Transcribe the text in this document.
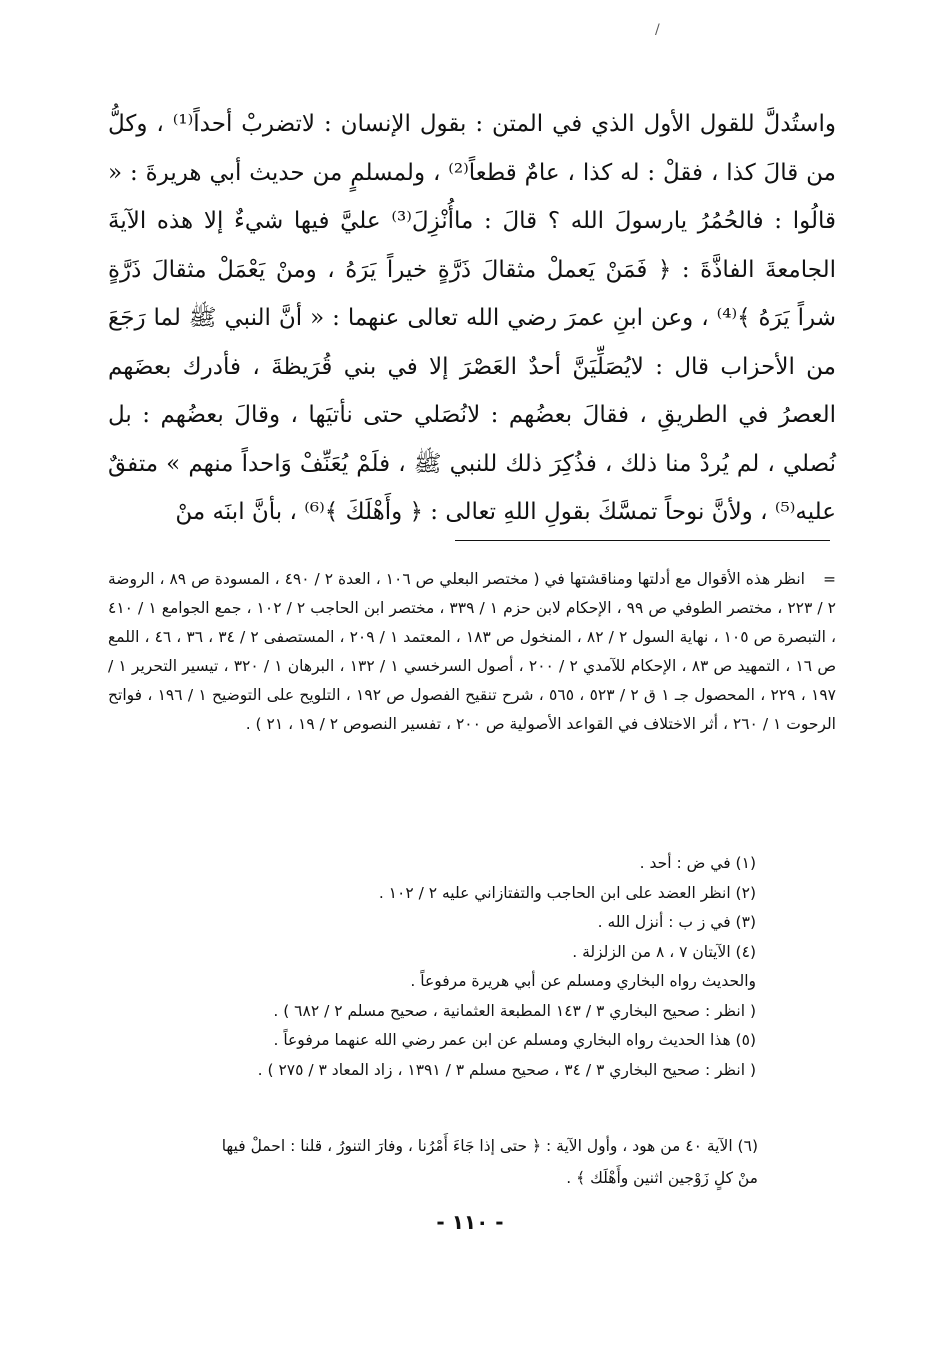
/

واستُدلَّ للقول الأول الذي في المتن : بقول الإنسان : لاتضربْ أحداً⁽¹⁾ ، وكلُّ من قالَ كذا ، فقلْ : له كذا ، عامٌ قطعاً⁽²⁾ ، ولمسلمٍ من حديث أبي هريرةَ : « قالُوا : فالحُمُرُ يارسولَ الله ؟ قالَ : ماأُنْزِلَ⁽³⁾ عليَّ فيها شيءٌ إلا هذه الآيةَ الجامعةَ الفاذَّةَ : ﴿ فَمَنْ يَعملْ مثقالَ ذَرَّةٍ خيراً يَرَهُ ، ومنْ يَعْمَلْ مثقالَ ذَرَّةٍ شراً يَرَهُ ﴾⁽⁴⁾ ، وعن ابنِ عمرَ رضي الله تعالى عنهما : « أنَّ النبي ﷺ لما رَجَعَ من الأحزاب قال : لايُصَلِّيَنَّ أحدٌ العَصْرَ إلا في بني قُرَيظةَ ، فأدرك بعضَهم العصرُ في الطريقِ ، فقالَ بعضُهم : لانُصَلي حتى نأتيَها ، وقالَ بعضُهم : بل نُصلي ، لم يُردْ منا ذلك ، فذُكِرَ ذلك للنبي ﷺ ، فلَمْ يُعَنِّفْ وَاحداً منهم » متفقٌ عليه⁽⁵⁾ ، ولأنَّ نوحاً تمسَّكَ بقولِ اللهِ تعالى : ﴿ وأَهْلَكَ ﴾⁽⁶⁾ ، بأنَّ ابنَه منْ

=
انظر هذه الأقوال مع أدلتها ومناقشتها في ( مختصر البعلي ص ١٠٦ ، العدة ٢ / ٤٩٠ ، المسودة ص ٨٩ ، الروضة ٢ / ٢٢٣ ، مختصر الطوفي ص ٩٩ ، الإحكام لابن حزم ١ / ٣٣٩ ، مختصر ابن الحاجب ٢ / ١٠٢ ، جمع الجوامع ١ / ٤١٠ ، التبصرة ص ١٠٥ ، نهاية السول ٢ / ٨٢ ، المنخول ص ١٨٣ ، المعتمد ١ / ٢٠٩ ، المستصفى ٢ / ٣٤ ، ٣٦ ، ٤٦ ، اللمع ص ١٦ ، التمهيد ص ٨٣ ، الإحكام للآمدي ٢ / ٢٠٠ ، أصول السرخسي ١ / ١٣٢ ، البرهان ١ / ٣٢٠ ، تيسير التحرير ١ / ١٩٧ ، ٢٢٩ ، المحصول جـ ١ ق ٢ / ٥٢٣ ، ٥٦٥ ، شرح تنقيح الفصول ص ١٩٢ ، التلويح على التوضيح ١ / ١٩٦ ، فواتح الرحوت ١ / ٢٦٠ ، أثر الاختلاف في القواعد الأصولية ص ٢٠٠ ، تفسير النصوص ٢ / ١٩ ، ٢١ ) .

(١) في ض : أحد .

(٢) انظر العضد على ابن الحاجب والتفتازاني عليه ٢ / ١٠٢ .

(٣) في ز ب : أنزل الله .

(٤) الآيتان ٧ ، ٨ من الزلزلة .

والحديث رواه البخاري ومسلم عن أبي هريرة مرفوعاً .

( انظر : صحيح البخاري ٣ / ١٤٣ المطبعة العثمانية ، صحيح مسلم ٢ / ٦٨٢ ) .

(٥) هذا الحديث رواه البخاري ومسلم عن ابن عمر رضي الله عنهما مرفوعاً .

( انظر : صحيح البخاري ٣ / ٣٤ ، صحيح مسلم ٣ / ١٣٩١ ، زاد المعاد ٣ / ٢٧٥ ) .

(٦) الآية ٤٠ من هود ، وأول الآية : ﴿ حتى إذا جَاءَ أَمْرُنا ، وفارَ التنورُ ، قلنا : احملْ فيها

منْ كلٍ زَوْجين اثنين وأَهْلَك ﴾ .

- ١١٠ -
